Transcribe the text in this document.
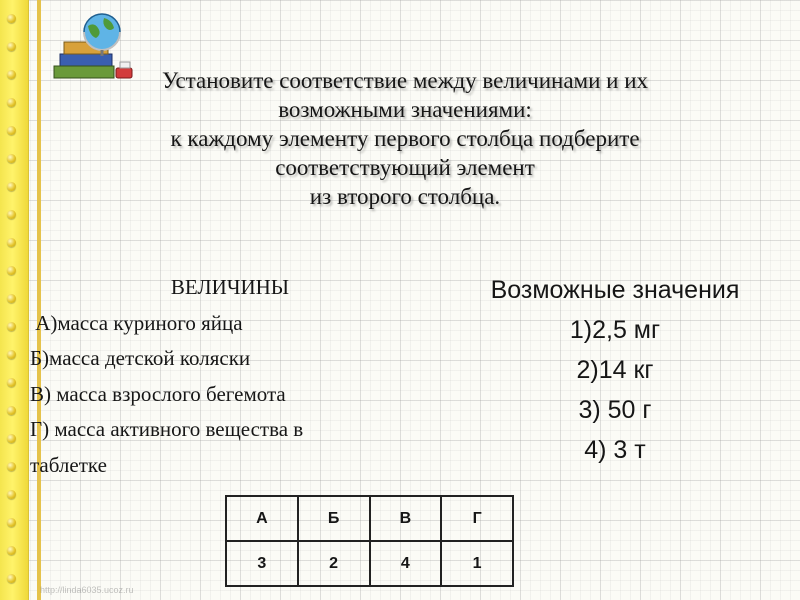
Установите соответствие между величинами и их
возможными значениями:
к каждому элементу первого столбца подберите
соответствующий элемент
из второго столбца.
ВЕЛИЧИНЫ
А)масса куриного яйца
Б)масса детской коляски
В) масса взрослого бегемота
Г) масса активного вещества в
таблетке
Возможные значения
1)2,5 мг
2)14 кг
3) 50 г
4) 3 т
А	Б	В	Г
3	2	4	1
http://linda6035.ucoz.ru
